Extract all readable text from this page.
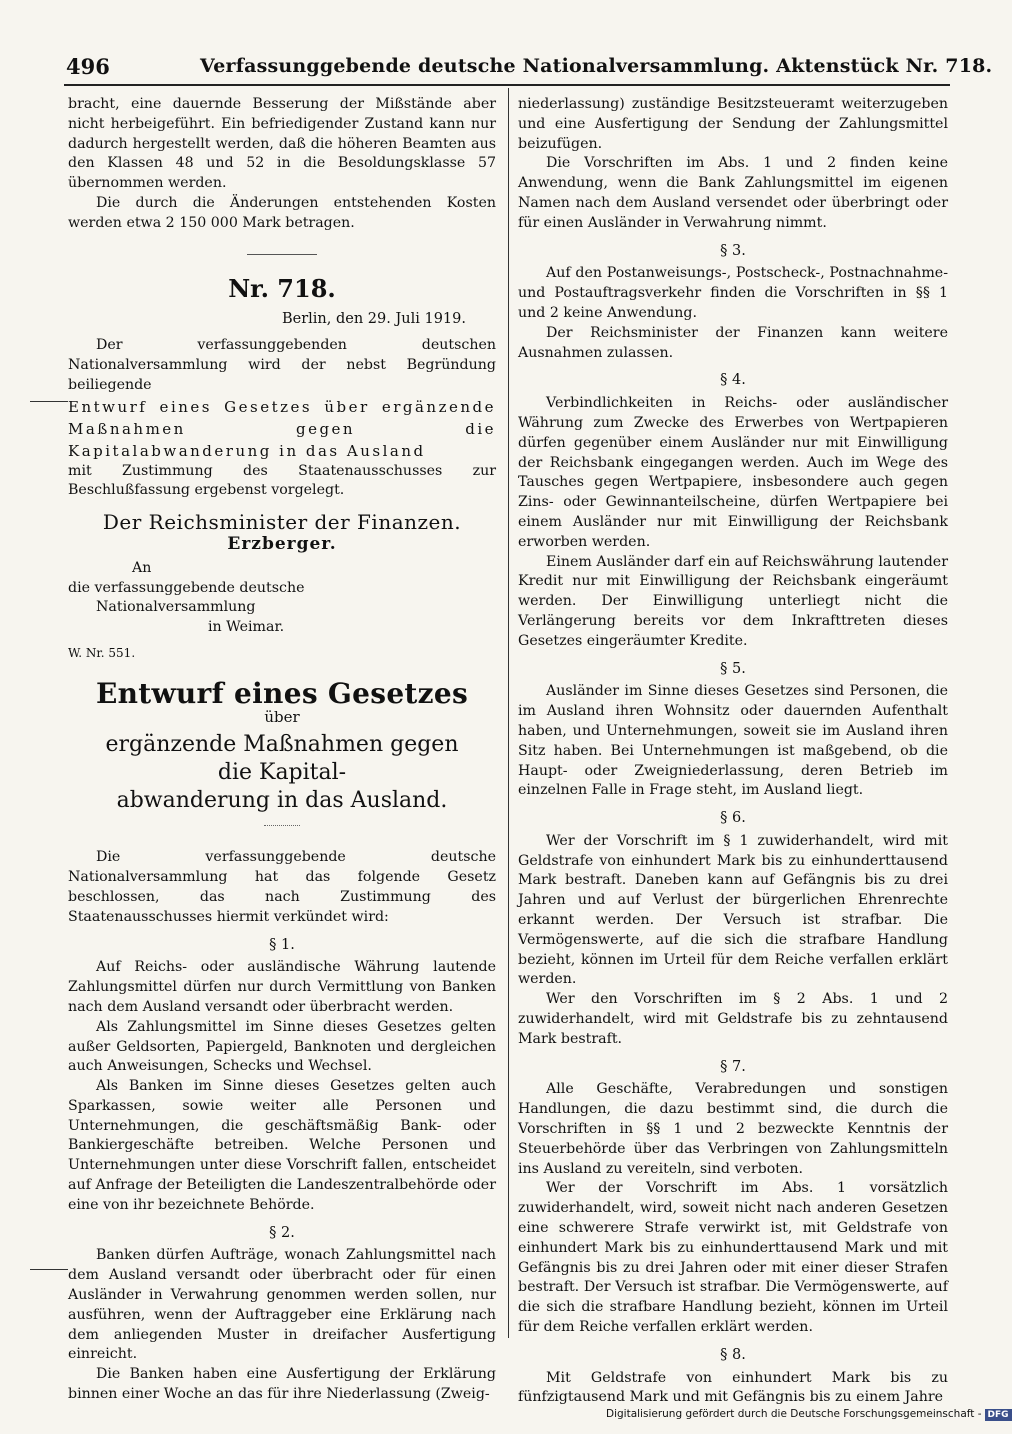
496	Verfassunggebende deutsche Nationalversammlung. Aktenstück Nr. 718.

bracht, eine dauernde Besserung der Mißstände aber nicht herbeigeführt. Ein befriedigender Zustand kann nur dadurch hergestellt werden, daß die höheren Beamten aus den Klassen 48 und 52 in die Besoldungsklasse 57 übernommen werden.

Die durch die Änderungen entstehenden Kosten werden etwa 2 150 000 Mark betragen.

Nr. 718.
Berlin, den 29. Juli 1919.

Der verfassunggebenden deutschen Nationalversammlung wird der nebst Begründung beiliegende

Entwurf eines Gesetzes über ergänzende Maßnahmen gegen die Kapitalabwanderung in das Ausland

mit Zustimmung des Staatenausschusses zur Beschlußfassung ergebenst vorgelegt.

Der Reichsminister der Finanzen.
Erzberger.
An
die verfassunggebende deutsche
Nationalversammlung
in Weimar.
W. Nr. 551.
Entwurf eines Gesetzes
über
ergänzende Maßnahmen gegen die Kapital-
abwanderung in das Ausland.

Die verfassunggebende deutsche Nationalversammlung hat das folgende Gesetz beschlossen, das nach Zustimmung des Staatenausschusses hiermit verkündet wird:

§ 1.

Auf Reichs- oder ausländische Währung lautende Zahlungsmittel dürfen nur durch Vermittlung von Banken nach dem Ausland versandt oder überbracht werden.

Als Zahlungsmittel im Sinne dieses Gesetzes gelten außer Geldsorten, Papiergeld, Banknoten und dergleichen auch Anweisungen, Schecks und Wechsel.

Als Banken im Sinne dieses Gesetzes gelten auch Sparkassen, sowie weiter alle Personen und Unternehmungen, die geschäftsmäßig Bank- oder Bankiergeschäfte betreiben. Welche Personen und Unternehmungen unter diese Vorschrift fallen, entscheidet auf Anfrage der Beteiligten die Landeszentralbehörde oder eine von ihr bezeichnete Behörde.

§ 2.

Banken dürfen Aufträge, wonach Zahlungsmittel nach dem Ausland versandt oder überbracht oder für einen Ausländer in Verwahrung genommen werden sollen, nur ausführen, wenn der Auftraggeber eine Erklärung nach dem anliegenden Muster in dreifacher Ausfertigung einreicht.

Die Banken haben eine Ausfertigung der Erklärung binnen einer Woche an das für ihre Niederlassung (Zweig-

niederlassung) zuständige Besitzsteueramt weiterzugeben und eine Ausfertigung der Sendung der Zahlungsmittel beizufügen.

Die Vorschriften im Abs. 1 und 2 finden keine Anwendung, wenn die Bank Zahlungsmittel im eigenen Namen nach dem Ausland versendet oder überbringt oder für einen Ausländer in Verwahrung nimmt.

§ 3.

Auf den Postanweisungs-, Postscheck-, Postnachnahme- und Postauftragsverkehr finden die Vorschriften in §§ 1 und 2 keine Anwendung.

Der Reichsminister der Finanzen kann weitere Ausnahmen zulassen.

§ 4.

Verbindlichkeiten in Reichs- oder ausländischer Währung zum Zwecke des Erwerbes von Wertpapieren dürfen gegenüber einem Ausländer nur mit Einwilligung der Reichsbank eingegangen werden. Auch im Wege des Tausches gegen Wertpapiere, insbesondere auch gegen Zins- oder Gewinnanteilscheine, dürfen Wertpapiere bei einem Ausländer nur mit Einwilligung der Reichsbank erworben werden.

Einem Ausländer darf ein auf Reichswährung lautender Kredit nur mit Einwilligung der Reichsbank eingeräumt werden. Der Einwilligung unterliegt nicht die Verlängerung bereits vor dem Inkrafttreten dieses Gesetzes eingeräumter Kredite.

§ 5.

Ausländer im Sinne dieses Gesetzes sind Personen, die im Ausland ihren Wohnsitz oder dauernden Aufenthalt haben, und Unternehmungen, soweit sie im Ausland ihren Sitz haben. Bei Unternehmungen ist maßgebend, ob die Haupt- oder Zweigniederlassung, deren Betrieb im einzelnen Falle in Frage steht, im Ausland liegt.

§ 6.

Wer der Vorschrift im § 1 zuwiderhandelt, wird mit Geldstrafe von einhundert Mark bis zu einhunderttausend Mark bestraft. Daneben kann auf Gefängnis bis zu drei Jahren und auf Verlust der bürgerlichen Ehrenrechte erkannt werden. Der Versuch ist strafbar. Die Vermögenswerte, auf die sich die strafbare Handlung bezieht, können im Urteil für dem Reiche verfallen erklärt werden.

Wer den Vorschriften im § 2 Abs. 1 und 2 zuwiderhandelt, wird mit Geldstrafe bis zu zehntausend Mark bestraft.

§ 7.

Alle Geschäfte, Verabredungen und sonstigen Handlungen, die dazu bestimmt sind, die durch die Vorschriften in §§ 1 und 2 bezweckte Kenntnis der Steuerbehörde über das Verbringen von Zahlungsmitteln ins Ausland zu vereiteln, sind verboten.

Wer der Vorschrift im Abs. 1 vorsätzlich zuwiderhandelt, wird, soweit nicht nach anderen Gesetzen eine schwerere Strafe verwirkt ist, mit Geldstrafe von einhundert Mark bis zu einhunderttausend Mark und mit Gefängnis bis zu drei Jahren oder mit einer dieser Strafen bestraft. Der Versuch ist strafbar. Die Vermögenswerte, auf die sich die strafbare Handlung bezieht, können im Urteil für dem Reiche verfallen erklärt werden.

§ 8.

Mit Geldstrafe von einhundert Mark bis zu fünfzigtausend Mark und mit Gefängnis bis zu einem Jahre

Digitalisierung gefördert durch die Deutsche Forschungsgemeinschaft - DFG
